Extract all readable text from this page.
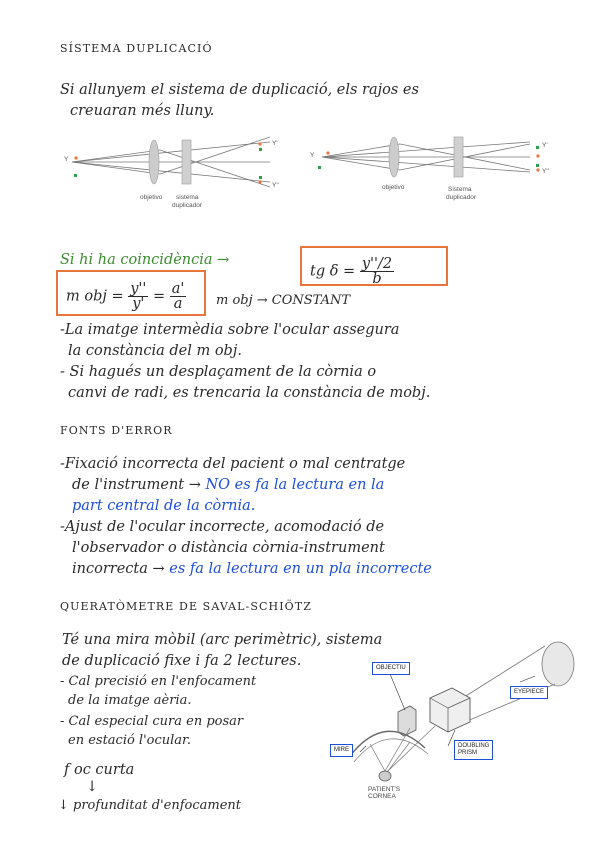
SÍSTEMA DUPLICACIÓ
Si allunyem el sistema de duplicació, els rajos es
creuaran més lluny.
Y
Y'
Y''
objetivo sistema
duplicador
Y
Y'
Y''
objetivo	Sistema
duplicador
Si hi ha coincidència →
tg $\delta = \frac{y''/2}{b}$
m obj = $\frac{y''}{y'} = \frac{a'}{a}$ m obj → CONSTANT
-La imatge intermèdia sobre l'ocular assegura
la constància del m obj.
- Si hagués un desplaçament de la còrnia o
canvi de radi, es trencaria la constància de mobj.
FONTS D'ERROR
-Fixació incorrecta del pacient o mal centratge
de l'instrument → NO es fa la lectura en la
part central de la còrnia.
-Ajust de l'ocular incorrecte, acomodació de
l'observador o distància còrnia-instrument
incorrecta → es fa la lectura en un pla incorrecte
QUERATÒMETRE DE SAVAL-SCHIÖTZ
Té una mira mòbil (arc perimètric), sistema
de duplicació fixe i fa 2 lectures.
- Cal precisió en l'enfocament
de la imatge aèria.
- Cal especial cura en posar
en estació l'ocular.
f oc curta
↓
↓ profunditat d'enfocament
OBJECTIU
EYEPIECE
MIRE
DOUBLING
PRISM
PATIENT'S
CORNEA
